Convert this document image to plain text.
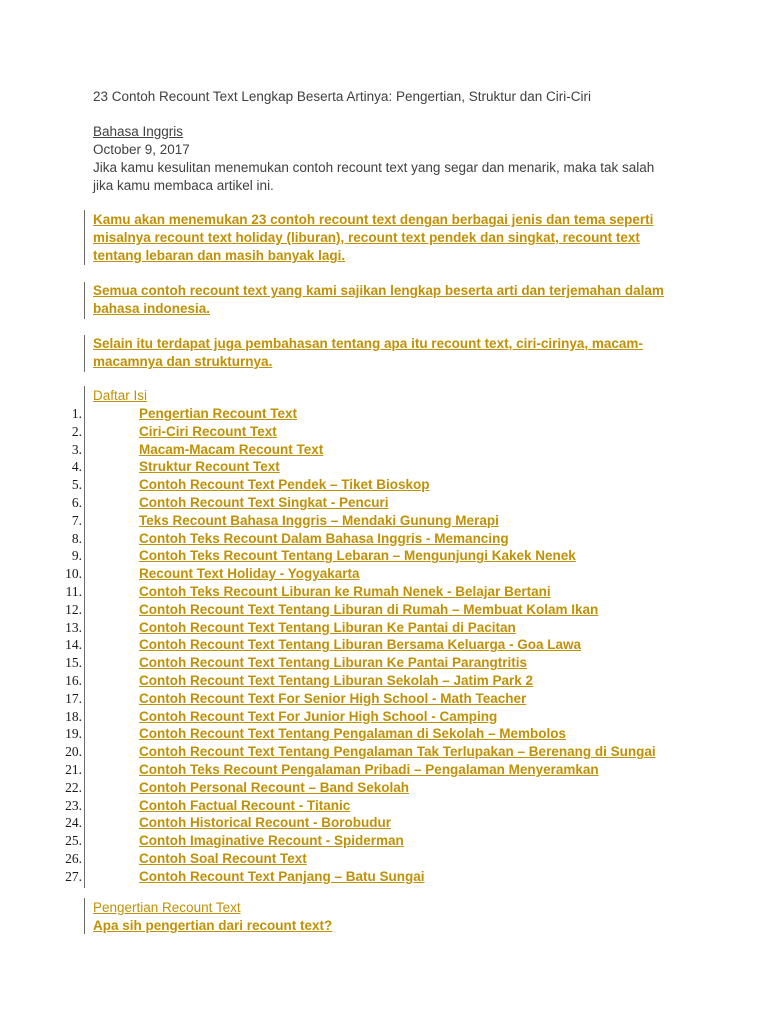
23 Contoh Recount Text Lengkap Beserta Artinya: Pengertian, Struktur dan Ciri-Ciri
Bahasa Inggris
October 9, 2017
Jika kamu kesulitan menemukan contoh recount text yang segar dan menarik, maka tak salah jika kamu membaca artikel ini.
Kamu akan menemukan 23 contoh recount text dengan berbagai jenis dan tema seperti misalnya recount text holiday (liburan), recount text pendek dan singkat, recount text tentang lebaran dan masih banyak lagi.
Semua contoh recount text yang kami sajikan lengkap beserta arti dan terjemahan dalam bahasa indonesia.
Selain itu terdapat juga pembahasan tentang apa itu recount text, ciri-cirinya, macam-macamnya dan strukturnya.
Daftar Isi
1.	Pengertian Recount Text
2.	Ciri-Ciri Recount Text
3.	Macam-Macam Recount Text
4.	Struktur Recount Text
5.	Contoh Recount Text Pendek – Tiket Bioskop
6.	Contoh Recount Text Singkat - Pencuri
7.	Teks Recount Bahasa Inggris – Mendaki Gunung Merapi
8.	Contoh Teks Recount Dalam Bahasa Inggris - Memancing
9.	Contoh Teks Recount Tentang Lebaran – Mengunjungi Kakek Nenek
10.	Recount Text Holiday - Yogyakarta
11.	Contoh Teks Recount Liburan ke Rumah Nenek - Belajar Bertani
12.	Contoh Recount Text Tentang Liburan di Rumah – Membuat Kolam Ikan
13.	Contoh Recount Text Tentang Liburan Ke Pantai di Pacitan
14.	Contoh Recount Text Tentang Liburan Bersama Keluarga - Goa Lawa
15.	Contoh Recount Text Tentang Liburan Ke Pantai Parangtritis
16.	Contoh Recount Text Tentang Liburan Sekolah – Jatim Park 2
17.	Contoh Recount Text For Senior High School - Math Teacher
18.	Contoh Recount Text For Junior High School - Camping
19.	Contoh Recount Text Tentang Pengalaman di Sekolah – Membolos
20.	Contoh Recount Text Tentang Pengalaman Tak Terlupakan – Berenang di Sungai
21.	Contoh Teks Recount Pengalaman Pribadi – Pengalaman Menyeramkan
22.	Contoh Personal Recount – Band Sekolah
23.	Contoh Factual Recount - Titanic
24.	Contoh Historical Recount - Borobudur
25.	Contoh Imaginative Recount - Spiderman
26.	Contoh Soal Recount Text
27.	Contoh Recount Text Panjang – Batu Sungai
Pengertian Recount Text
Apa sih pengertian dari recount text?
